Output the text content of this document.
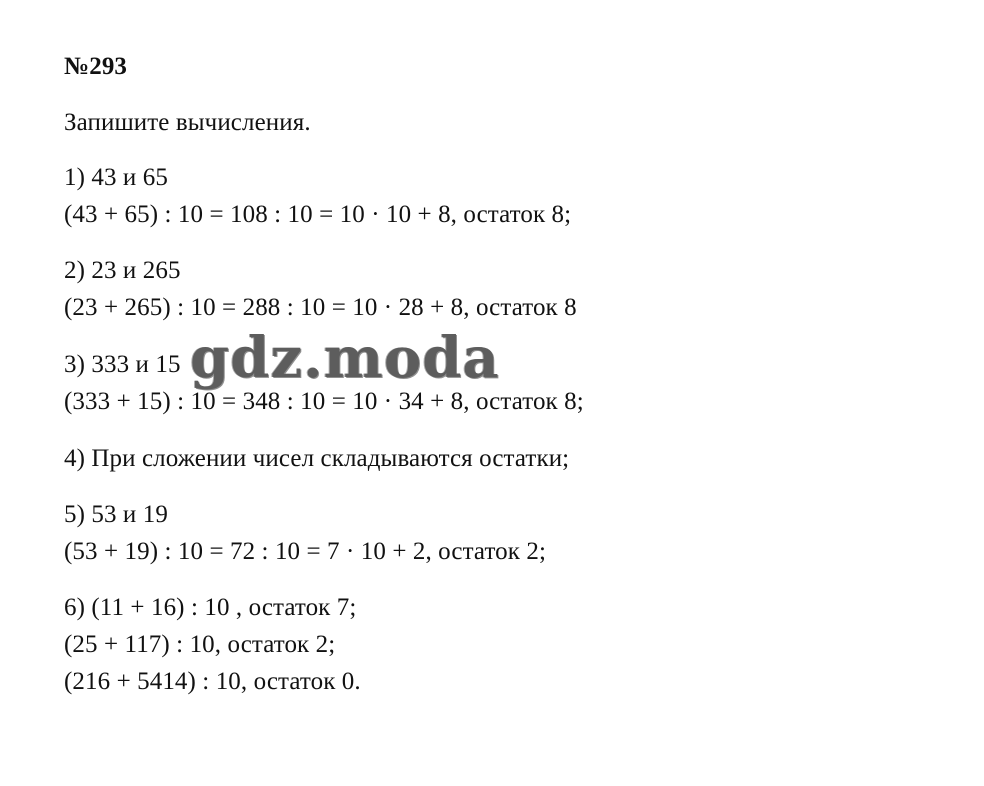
№293
Запишите вычисления.
1) 43 и 65
(43 + 65) : 10 = 108 : 10 = 10 · 10 + 8, остаток 8;
2) 23 и 265
(23 + 265) : 10 = 288 : 10 = 10 · 28 + 8, остаток 8
3) 333 и 15
(333 + 15) : 10 = 348 : 10 = 10 · 34 + 8, остаток 8;
4) При сложении чисел складываются остатки;
5) 53 и 19
(53 + 19) : 10 = 72 : 10 = 7 · 10 + 2, остаток 2;
6) (11 + 16) : 10 , остаток 7;
(25 + 117) : 10, остаток 2;
(216 + 5414) : 10, остаток 0.
gdz.moda
